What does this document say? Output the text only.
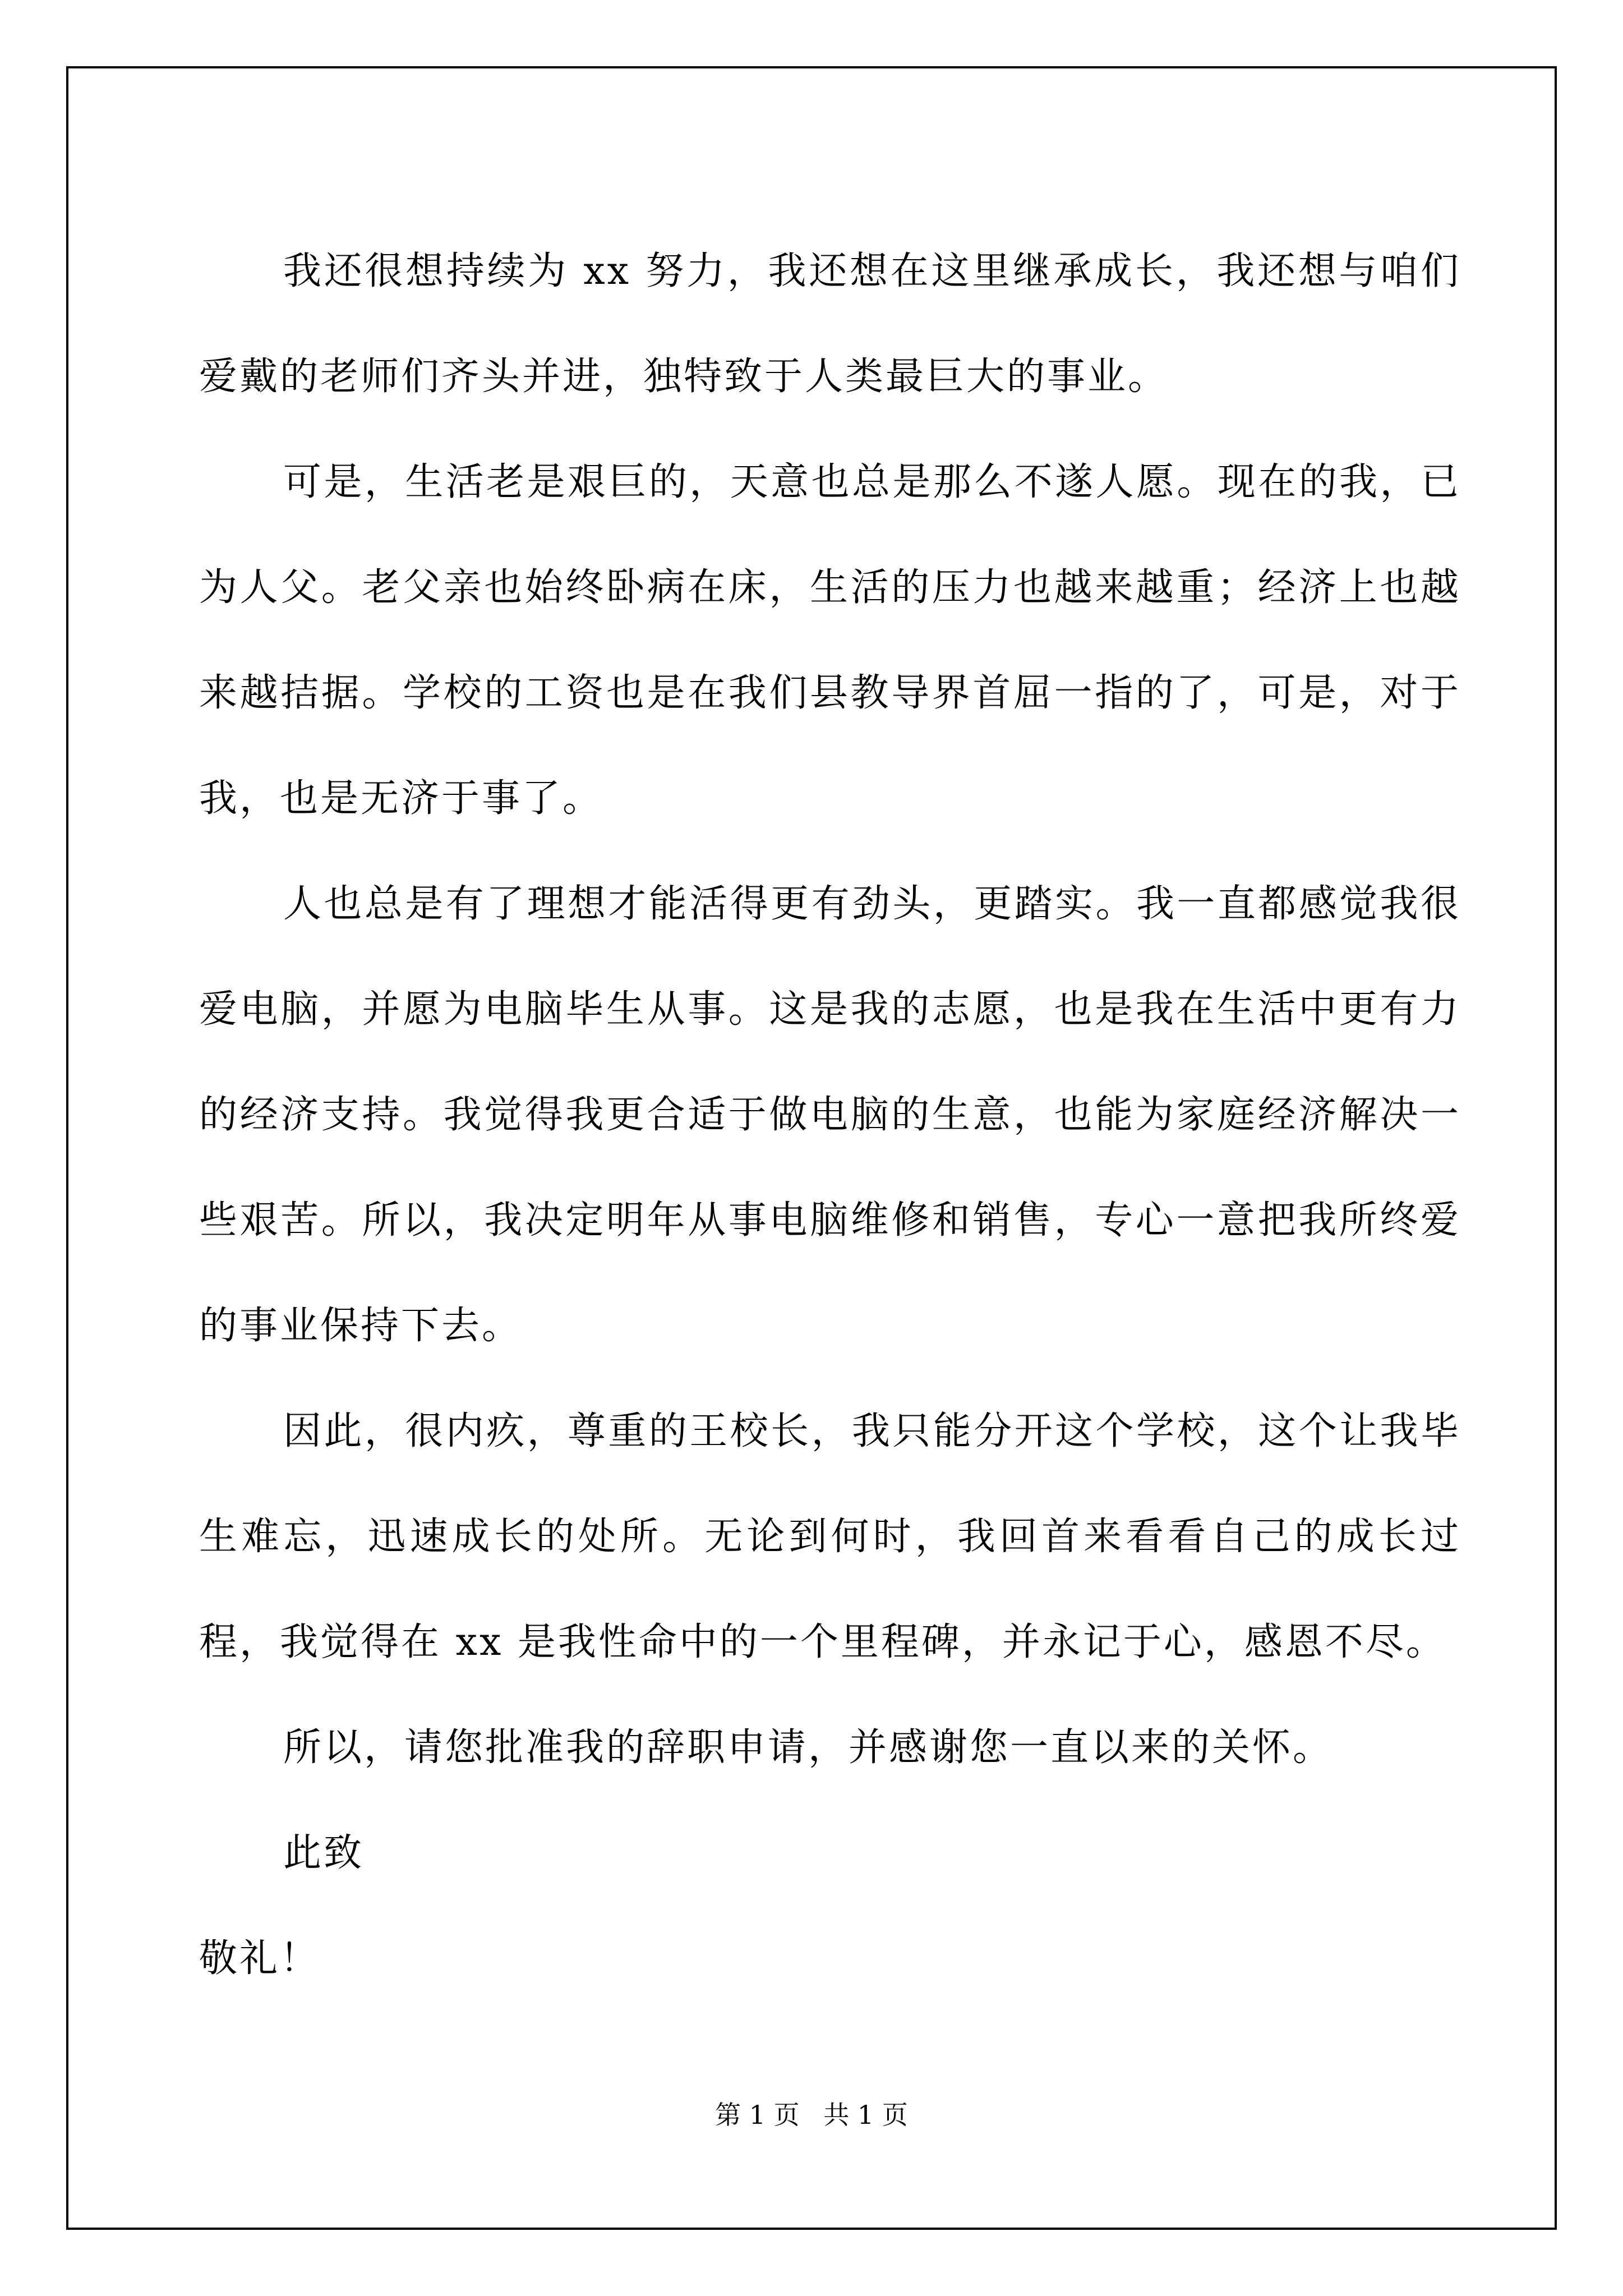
我还很想持续为 xx 努力，我还想在这里继承成长，我还想与咱们爱戴的老师们齐头并进，独特致于人类最巨大的事业。

可是，生活老是艰巨的，天意也总是那么不遂人愿。现在的我，已为人父。老父亲也始终卧病在床，生活的压力也越来越重；经济上也越来越拮据。学校的工资也是在我们县教导界首屈一指的了，可是，对于我，也是无济于事了。

人也总是有了理想才能活得更有劲头，更踏实。我一直都感觉我很爱电脑，并愿为电脑毕生从事。这是我的志愿，也是我在生活中更有力的经济支持。我觉得我更合适于做电脑的生意，也能为家庭经济解决一些艰苦。所以，我决定明年从事电脑维修和销售，专心一意把我所终爱的事业保持下去。

因此，很内疚，尊重的王校长，我只能分开这个学校，这个让我毕生难忘，迅速成长的处所。无论到何时，我回首来看看自己的成长过程，我觉得在 xx 是我性命中的一个里程碑，并永记于心，感恩不尽。

所以，请您批准我的辞职申请，并感谢您一直以来的关怀。

此致

敬礼！

第 1 页 共 1 页
